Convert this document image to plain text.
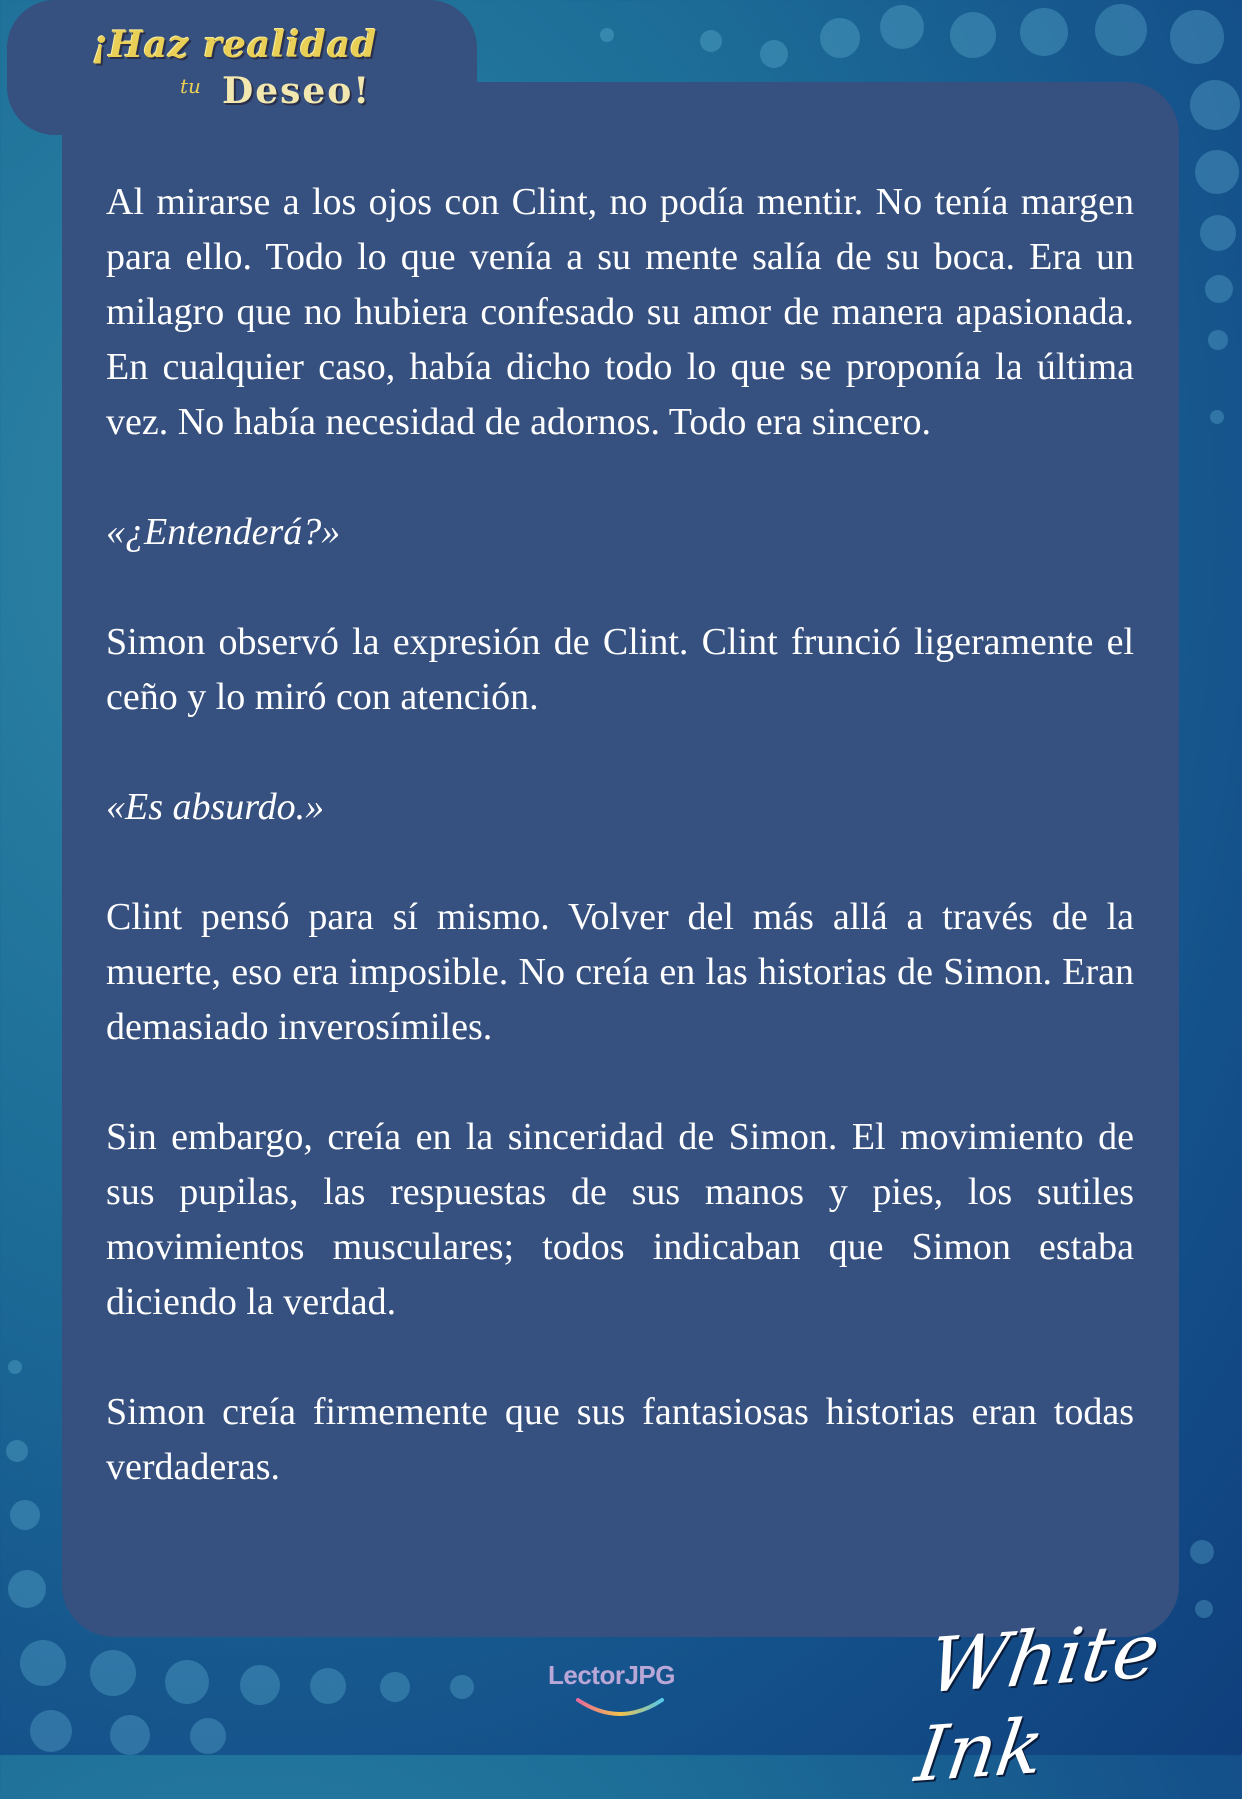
¡Haz realidad
tu Deseo!

Al mirarse a los ojos con Clint, no podía mentir. No tenía margen para ello. Todo lo que venía a su mente salía de su boca. Era un milagro que no hubiera confesado su amor de manera apasionada. En cualquier caso, había dicho todo lo que se proponía la última vez. No había necesidad de adornos. Todo era sincero.

«¿Entenderá?»

Simon observó la expresión de Clint. Clint frunció ligeramente el ceño y lo miró con atención.

«Es absurdo.»

Clint pensó para sí mismo. Volver del más allá a través de la muerte, eso era imposible. No creía en las historias de Simon. Eran demasiado inverosímiles.

Sin embargo, creía en la sinceridad de Simon. El movimiento de sus pupilas, las respuestas de sus manos y pies, los sutiles movimientos musculares; todos indicaban que Simon estaba diciendo la verdad.

Simon creía firmemente que sus fantasiosas historias eran todas verdaderas.

LectorJPG	White Ink
